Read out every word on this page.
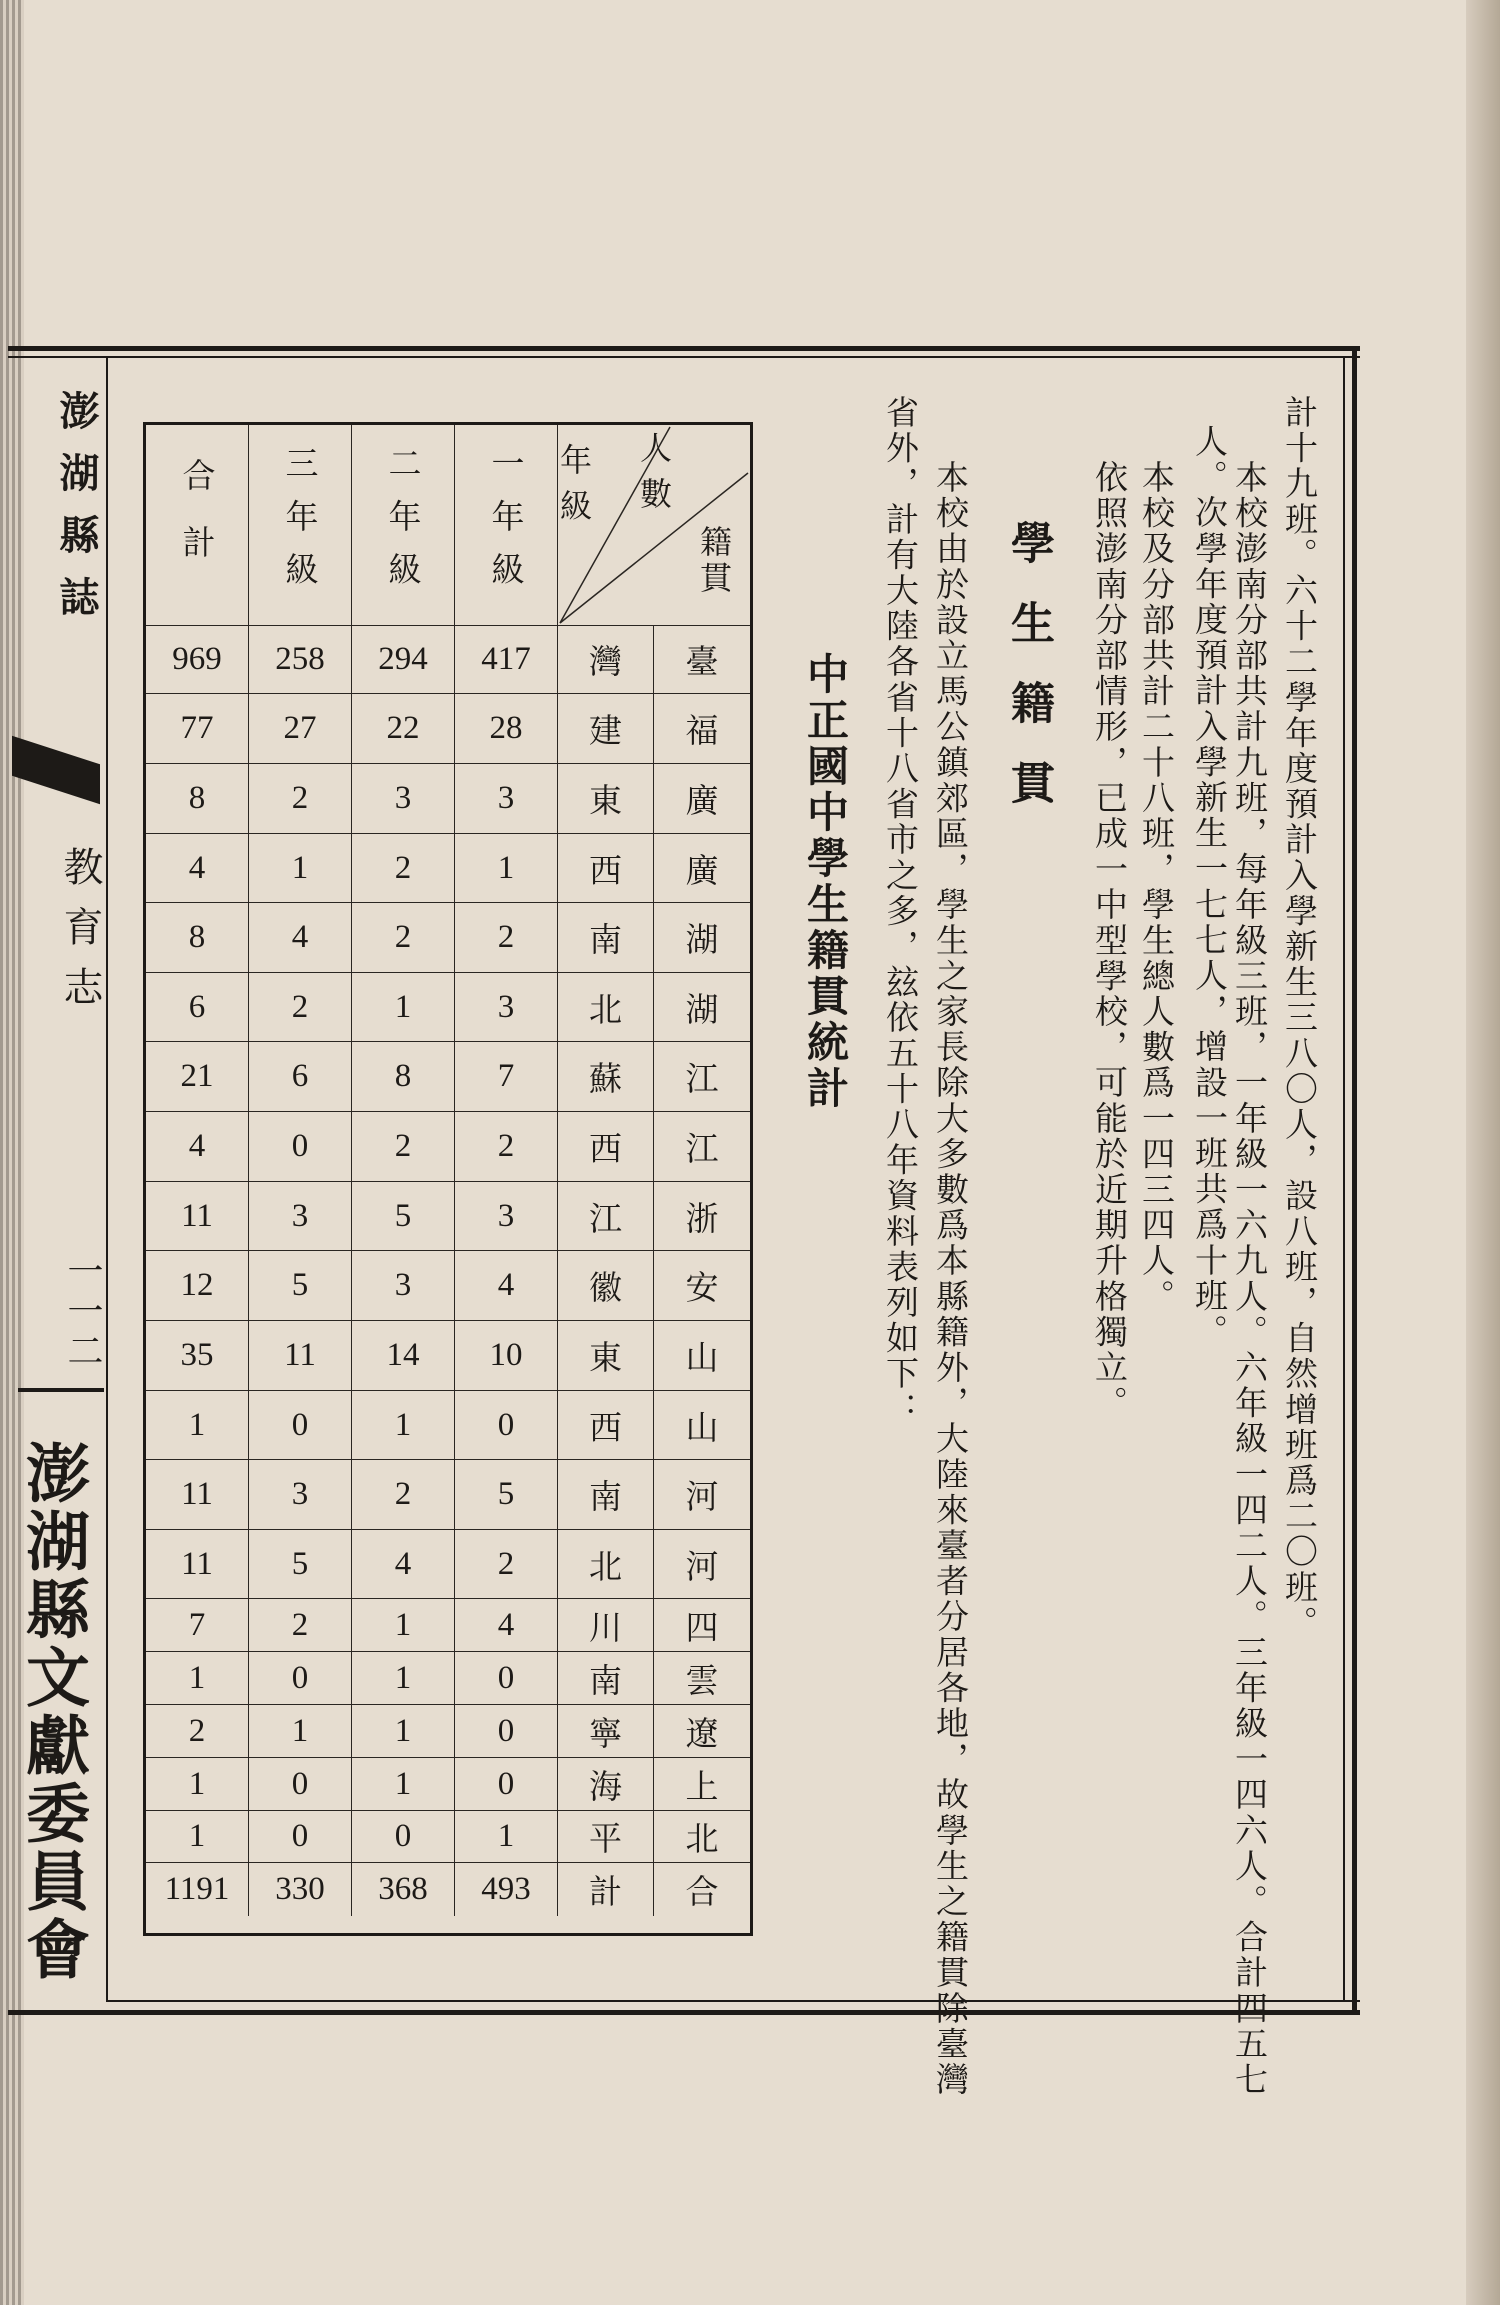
澎湖縣誌
教育志
一一二
澎湖縣文獻委員會
計十九班。六十二學年度預計入學新生三八〇人，設八班，自然增班爲二〇班。
本校澎南分部共計九班，每年級三班，一年級一六九人。六年級一四二人。三年級一四六人。合計四五七
人。次學年度預計入學新生一七七人，增設一班共爲十班。
本校及分部共計二十八班，學生總人數爲一四三四人。
依照澎南分部情形，已成一中型學校，可能於近期升格獨立。
學生籍貫
本校由於設立馬公鎮郊區，學生之家長除大多數爲本縣籍外，大陸來臺者分居各地，故學生之籍貫除臺灣
省外，計有大陸各省十八省市之多，玆依五十八年資料表列如下：
中正國中學生籍貫統計
合計 三年級 二年級 一年級 年級 人數
籍貫
969 258 294 417 灣 臺
77 27 22 28 建 福
8	2	3	3 東 廣
4	1	2	1 西 廣
8	4	2	2 南 湖
6	2	1	3 北 湖
21 6	8	7 蘇 江
4	0	2	2 西 江
11 3	5	3 江 浙
12 5	3	4 徽 安
35 11 14 10 東 山
1	0	1	0 西 山
11 3	2	5 南 河
11 5	4	2 北 河
7	2	1	4 川 四
1	0	1	0 南 雲
2	1	1	0 寧 遼
1	0	1	0 海 上
1	0	0	1 平 北
1191 330 368 493 計 合
